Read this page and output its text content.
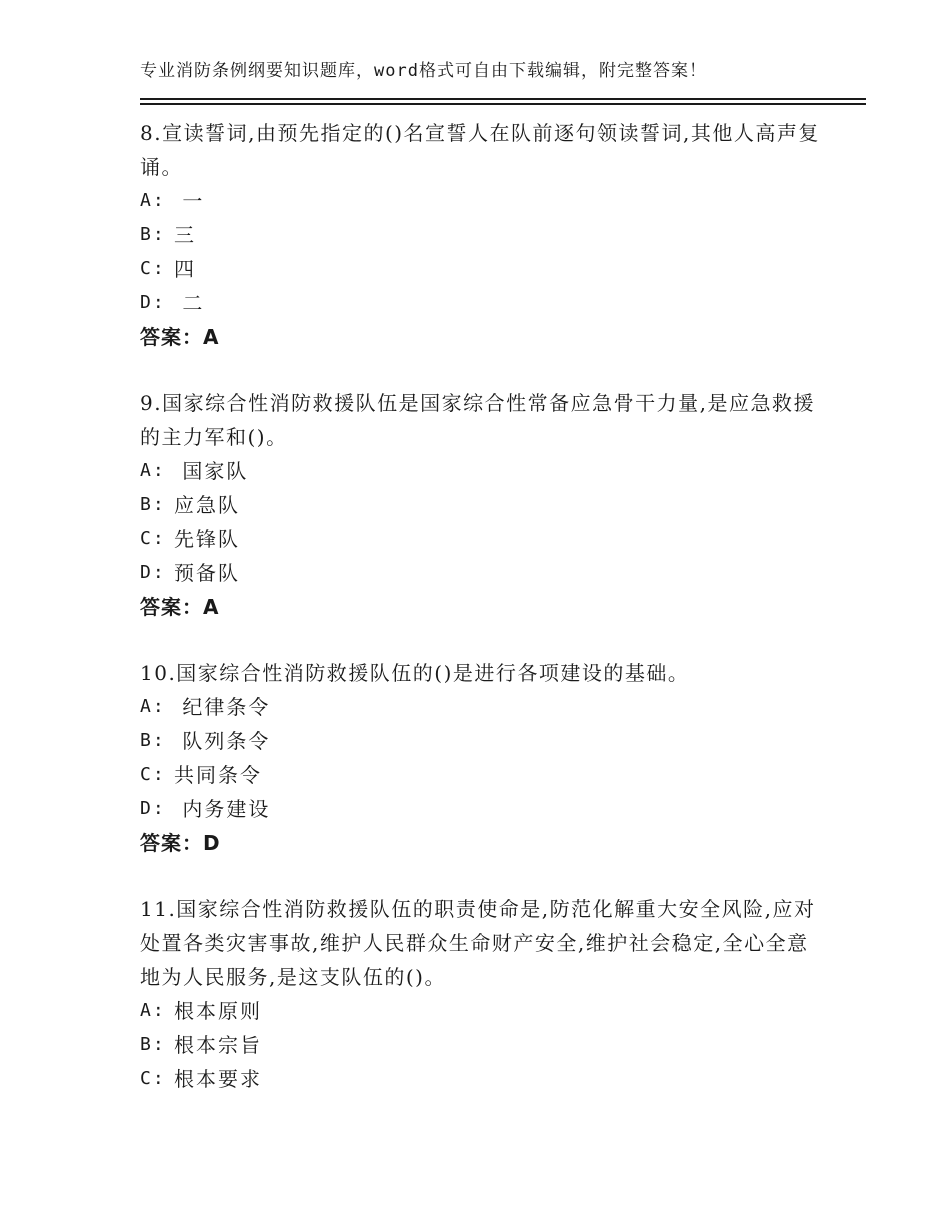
专业消防条例纲要知识题库，word格式可自由下载编辑，附完整答案！

8.宣读誓词,由预先指定的()名宣誓人在队前逐句领读誓词,其他人高声复诵。

A: 一
B: 三
C: 四
D: 二
答案：A

9.国家综合性消防救援队伍是国家综合性常备应急骨干力量,是应急救援的主力军和()。

A: 国家队
B: 应急队
C: 先锋队
D: 预备队
答案：A

10.国家综合性消防救援队伍的()是进行各项建设的基础。

A: 纪律条令
B: 队列条令
C: 共同条令
D: 内务建设
答案：D

11.国家综合性消防救援队伍的职责使命是,防范化解重大安全风险,应对处置各类灾害事故,维护人民群众生命财产安全,维护社会稳定,全心全意地为人民服务,是这支队伍的()。

A: 根本原则
B: 根本宗旨
C: 根本要求
